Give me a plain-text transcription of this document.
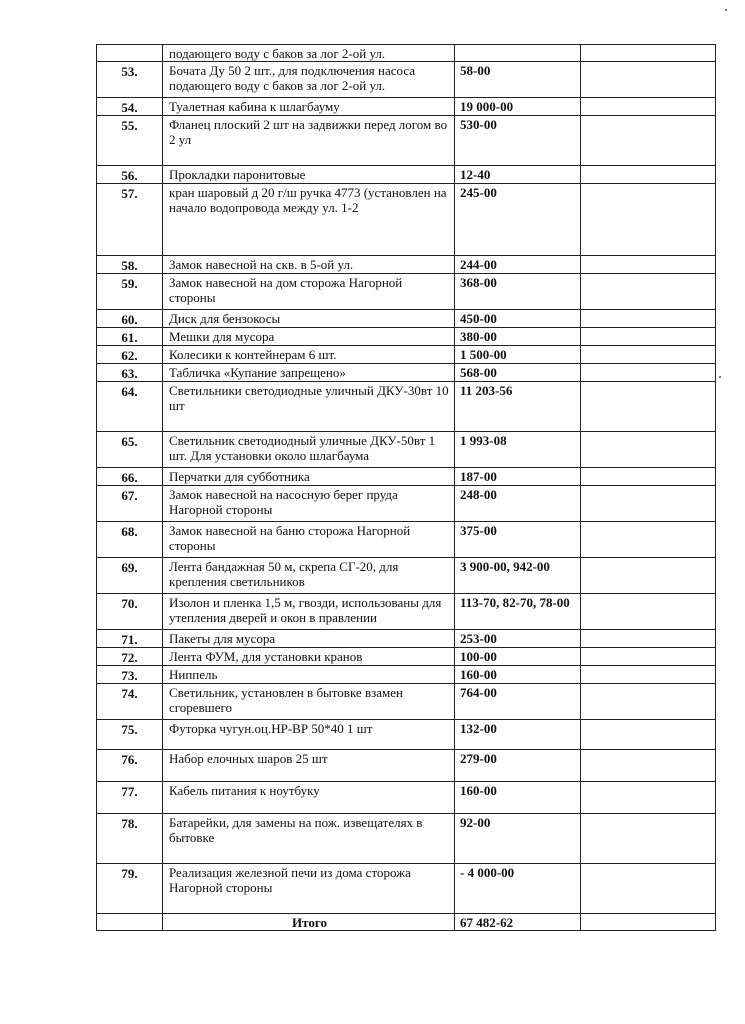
	подающего воду с баков за лог 2-ой ул.		
53.	Бочата Ду 50 2 шт., для подключения насоса подающего воду с баков за лог 2-ой ул.	58-00	
54.	Туалетная кабина к шлагбауму	19 000-00	
55.	Фланец плоский 2 шт на задвижки перед логом во 2 ул	530-00	
56.	Прокладки паронитовые	12-40	
57.	кран шаровый д 20 г/ш ручка 4773 (установлен на начало водопровода между ул. 1-2	245-00	
58.	Замок навесной на скв. в 5-ой ул.	244-00	
59.	Замок навесной на дом сторожа Нагорной стороны	368-00	
60.	Диск для бензокосы	450-00	
61.	Мешки для мусора	380-00	
62.	Колесики к контейнерам 6 шт.	1 500-00	
63.	Табличка «Купание запрещено»	568-00	
64.	Светильники светодиодные уличный ДКУ-30вт 10 шт	11 203-56	
65.	Светильник светодиодный уличные ДКУ-50вт 1 шт. Для установки около шлагбаума	1 993-08	
66.	Перчатки для субботника	187-00	
67.	Замок навесной на насосную берег пруда Нагорной стороны	248-00	
68.	Замок навесной на баню сторожа Нагорной стороны	375-00	
69.	Лента бандажная 50 м, скрепа СГ-20, для крепления светильников	3 900-00, 942-00	
70.	Изолон и пленка 1,5 м, гвозди, использованы для утепления дверей и окон в правлении	113-70, 82-70, 78-00	
71.	Пакеты для мусора	253-00	
72.	Лента ФУМ, для установки кранов	100-00	
73.	Ниппель	160-00	
74.	Светильник, установлен в бытовке взамен сгоревшего	764-00	
75.	Футорка чугун.оц.НР-ВР 50*40 1 шт	132-00	
76.	Набор елочных шаров 25 шт	279-00	
77.	Кабель питания к ноутбуку	160-00	
78.	Батарейки, для замены на пож. извещателях в бытовке	92-00	
79.	Реализация железной печи из дома сторожа Нагорной стороны	- 4 000-00	
	Итого	67 482-62	
